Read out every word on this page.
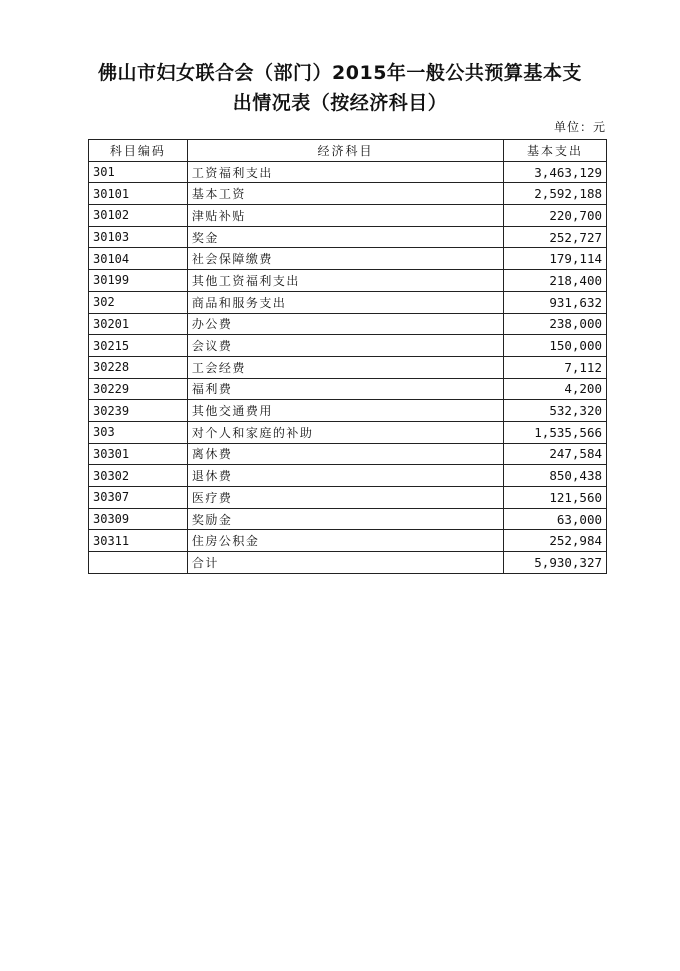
佛山市妇女联合会（部门）2015年一般公共预算基本支
出情况表（按经济科目）
单位：元
科目编码	经济科目	基本支出
301	工资福利支出	3,463,129
30101	基本工资	2,592,188
30102	津贴补贴	220,700
30103	奖金	252,727
30104	社会保障缴费	179,114
30199	其他工资福利支出	218,400
302	商品和服务支出	931,632
30201	办公费	238,000
30215	会议费	150,000
30228	工会经费	7,112
30229	福利费	4,200
30239	其他交通费用	532,320
303	对个人和家庭的补助	1,535,566
30301	离休费	247,584
30302	退休费	850,438
30307	医疗费	121,560
30309	奖励金	63,000
30311	住房公积金	252,984
	合计	5,930,327
